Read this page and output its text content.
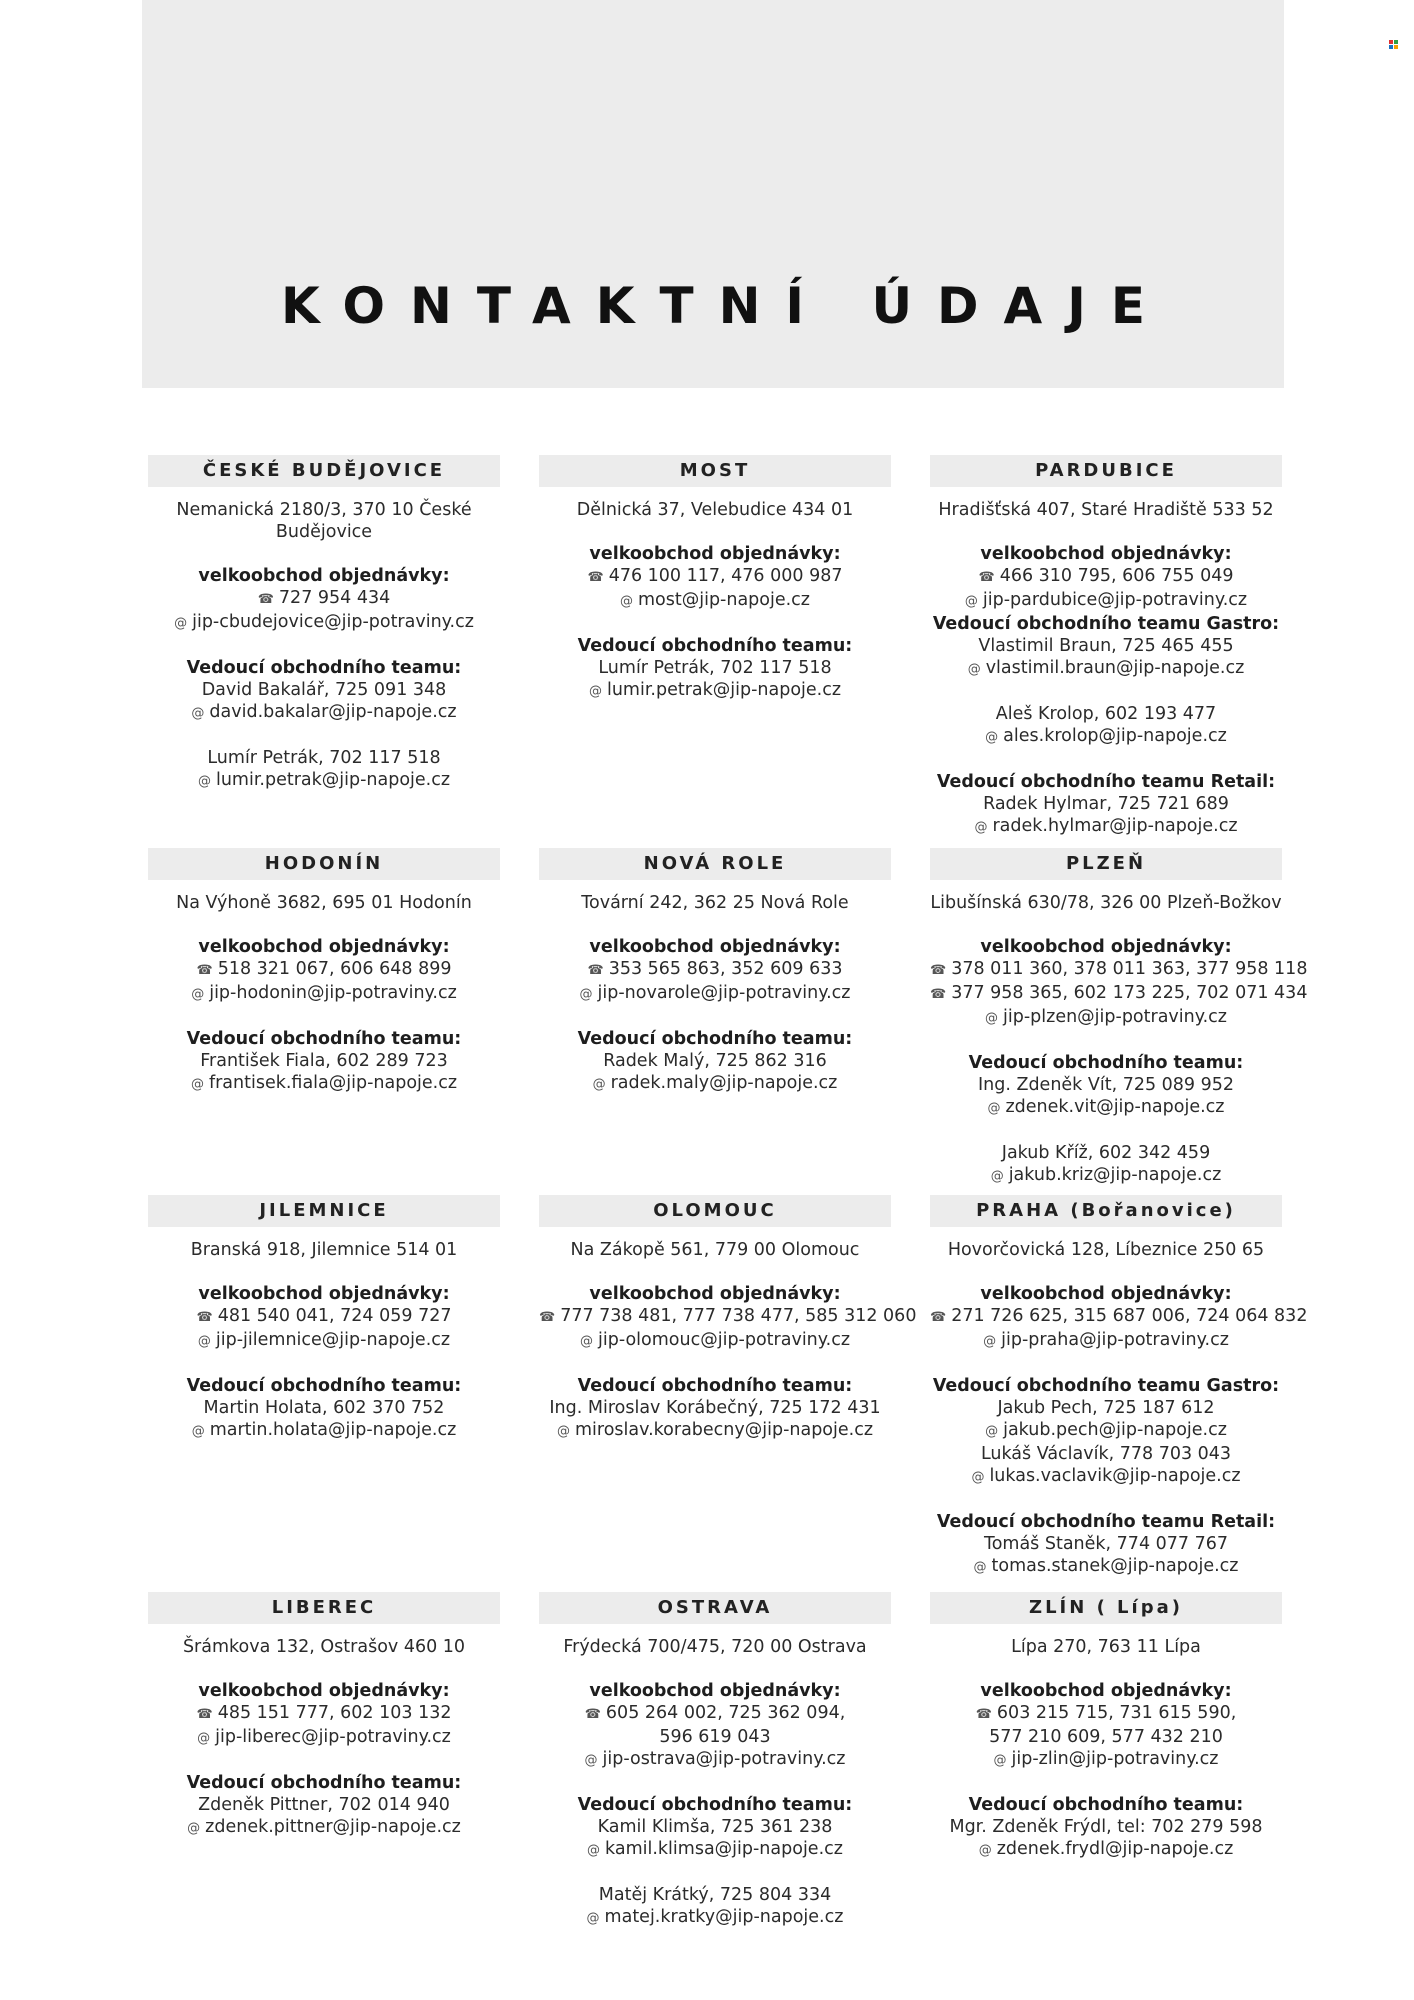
KONTAKTNÍ ÚDAJE
ČESKÉ BUDĚJOVICE
Nemanická 2180/3, 370 10 České
Budějovice
velkoobchod objednávky:
☎ 727 954 434
@ jip-cbudejovice@jip-potraviny.cz
Vedoucí obchodního teamu:
David Bakalář, 725 091 348
@ david.bakalar@jip-napoje.cz
Lumír Petrák, 702 117 518
@ lumir.petrak@jip-napoje.cz
MOST
Dělnická 37, Velebudice 434 01
velkoobchod objednávky:
☎ 476 100 117, 476 000 987
@ most@jip-napoje.cz
Vedoucí obchodního teamu:
Lumír Petrák, 702 117 518
@ lumir.petrak@jip-napoje.cz
PARDUBICE
Hradišťská 407, Staré Hradiště 533 52
velkoobchod objednávky:
☎ 466 310 795, 606 755 049
@ jip-pardubice@jip-potraviny.cz
Vedoucí obchodního teamu Gastro:
Vlastimil Braun, 725 465 455
@ vlastimil.braun@jip-napoje.cz
Aleš Krolop, 602 193 477
@ ales.krolop@jip-napoje.cz
Vedoucí obchodního teamu Retail:
Radek Hylmar, 725 721 689
@ radek.hylmar@jip-napoje.cz
HODONÍN
Na Výhoně 3682, 695 01 Hodonín
velkoobchod objednávky:
☎ 518 321 067, 606 648 899
@ jip-hodonin@jip-potraviny.cz
Vedoucí obchodního teamu:
František Fiala, 602 289 723
@ frantisek.fiala@jip-napoje.cz
NOVÁ ROLE
Tovární 242, 362 25 Nová Role
velkoobchod objednávky:
☎ 353 565 863, 352 609 633
@ jip-novarole@jip-potraviny.cz
Vedoucí obchodního teamu:
Radek Malý, 725 862 316
@ radek.maly@jip-napoje.cz
PLZEŇ
Libušínská 630/78, 326 00 Plzeň-Božkov
velkoobchod objednávky:
☎ 378 011 360, 378 011 363, 377 958 118
☎ 377 958 365, 602 173 225, 702 071 434
@ jip-plzen@jip-potraviny.cz
Vedoucí obchodního teamu:
Ing. Zdeněk Vít, 725 089 952
@ zdenek.vit@jip-napoje.cz
Jakub Kříž, 602 342 459
@ jakub.kriz@jip-napoje.cz
JILEMNICE
Branská 918, Jilemnice 514 01
velkoobchod objednávky:
☎ 481 540 041, 724 059 727
@ jip-jilemnice@jip-napoje.cz
Vedoucí obchodního teamu:
Martin Holata, 602 370 752
@ martin.holata@jip-napoje.cz
OLOMOUC
Na Zákopě 561, 779 00 Olomouc
velkoobchod objednávky:
☎ 777 738 481, 777 738 477, 585 312 060
@ jip-olomouc@jip-potraviny.cz
Vedoucí obchodního teamu:
Ing. Miroslav Korábečný, 725 172 431
@ miroslav.korabecny@jip-napoje.cz
PRAHA (Bořanovice)
Hovorčovická 128, Líbeznice 250 65
velkoobchod objednávky:
☎ 271 726 625, 315 687 006, 724 064 832
@ jip-praha@jip-potraviny.cz
Vedoucí obchodního teamu Gastro:
Jakub Pech, 725 187 612
@ jakub.pech@jip-napoje.cz
Lukáš Václavík, 778 703 043
@ lukas.vaclavik@jip-napoje.cz
Vedoucí obchodního teamu Retail:
Tomáš Staněk, 774 077 767
@ tomas.stanek@jip-napoje.cz
LIBEREC
Šrámkova 132, Ostrašov 460 10
velkoobchod objednávky:
☎ 485 151 777, 602 103 132
@ jip-liberec@jip-potraviny.cz
Vedoucí obchodního teamu:
Zdeněk Pittner, 702 014 940
@ zdenek.pittner@jip-napoje.cz
OSTRAVA
Frýdecká 700/475, 720 00 Ostrava
velkoobchod objednávky:
☎ 605 264 002, 725 362 094,
596 619 043
@ jip-ostrava@jip-potraviny.cz
Vedoucí obchodního teamu:
Kamil Klimša, 725 361 238
@ kamil.klimsa@jip-napoje.cz
Matěj Krátký, 725 804 334
@ matej.kratky@jip-napoje.cz
ZLÍN ( Lípa)
Lípa 270, 763 11 Lípa
velkoobchod objednávky:
☎ 603 215 715, 731 615 590,
577 210 609, 577 432 210
@ jip-zlin@jip-potraviny.cz
Vedoucí obchodního teamu:
Mgr. Zdeněk Frýdl, tel: 702 279 598
@ zdenek.frydl@jip-napoje.cz
